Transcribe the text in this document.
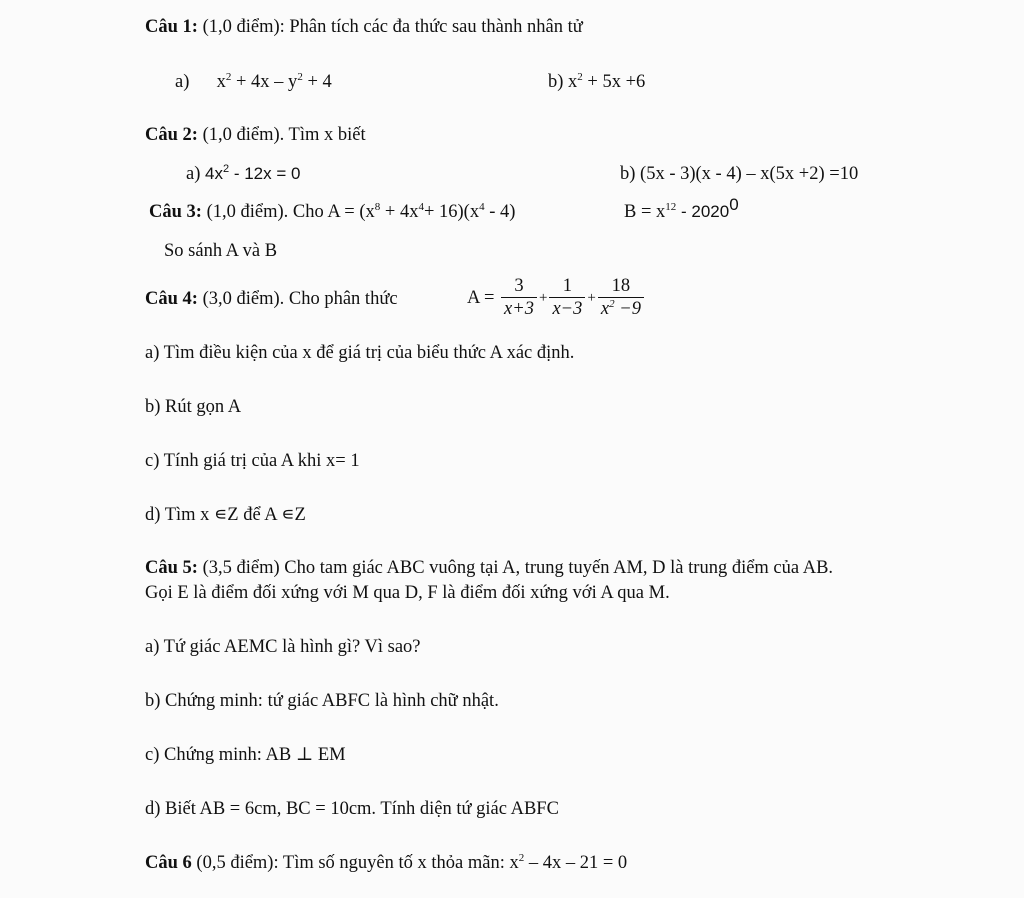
Câu 1: (1,0 điểm): Phân tích các đa thức sau thành nhân tử
a) $x^2 + 4x - y^2 + 4$	b) $x^2 + 5x +6$
Câu 2: (1,0 điểm). Tìm x biết
a) $4x^2 - 12x = 0$	b) (5x - 3)(x - 4) – x(5x +2) =10
Câu 3: (1,0 điểm). Cho $A = (x^8 + 4x^4+ 16)(x^4 - 4)$	$B = x^{12} - 2020^0$
So sánh A và B
Câu 4: (3,0 điểm). Cho phân thức	$A = \frac{3}{x+3} + \frac{1}{x-3} + \frac{18}{x^2 -9}$
a) Tìm điều kiện của x để giá trị của biểu thức A xác định.
b) Rút gọn A
c) Tính giá trị của A khi x= 1
d) Tìm x ∊Z để A ∊Z
Câu 5: (3,5 điểm) Cho tam giác ABC vuông tại A, trung tuyến AM, D là trung điểm của AB.
Gọi E là điểm đối xứng với M qua D, F là điểm đối xứng với A qua M.
a) Tứ giác AEMC là hình gì? Vì sao?
b) Chứng minh: tứ giác ABFC là hình chữ nhật.
c) Chứng minh: AB ⊥ EM
d) Biết AB = 6cm, BC = 10cm. Tính diện tứ giác ABFC
Câu 6 (0,5 điểm): Tìm số nguyên tố x thỏa mãn: $x^2 - 4x - 21 = 0$
